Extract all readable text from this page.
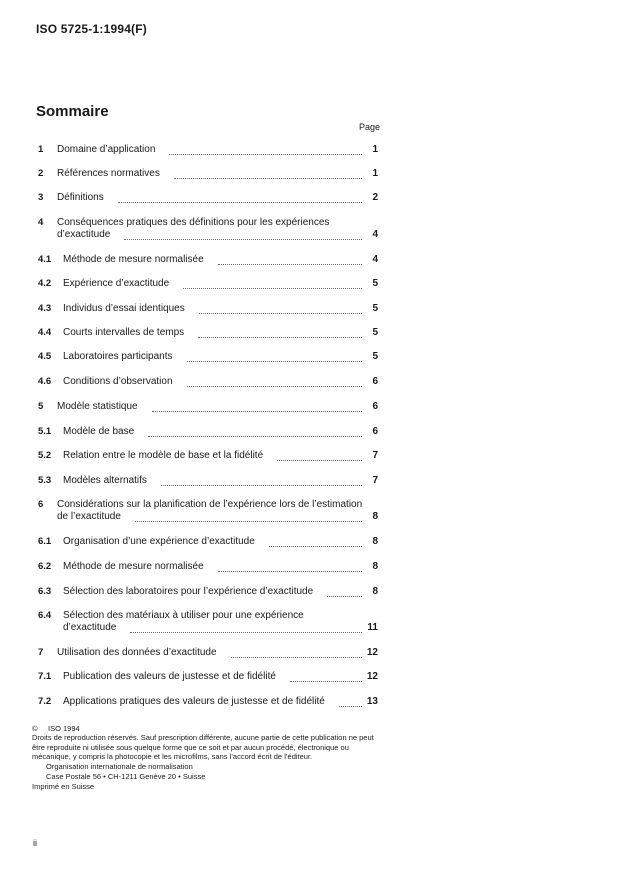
ISO 5725-1:1994(F)
Sommaire
Page
1 Domaine d’application	1
2 Références normatives	1
3 Définitions	2
4 Conséquences pratiques des définitions pour les expériences
d’exactitude	4
4.1 Méthode de mesure normalisée	4
4.2 Expérience d’exactitude	5
4.3 Individus d’essai identiques	5
4.4 Courts intervalles de temps	5
4.5 Laboratoires participants	5
4.6 Conditions d’observation	6
5 Modèle statistique	6
5.1 Modèle de base	6
5.2 Relation entre le modèle de base et la fidélité	7
5.3 Modèles alternatifs	7
6 Considérations sur la planification de l’expérience lors de l’estimation
de l’exactitude	8
6.1 Organisation d’une expérience d’exactitude	8
6.2 Méthode de mesure normalisée	8
6.3 Sélection des laboratoires pour l’expérience d’exactitude	8
6.4 Sélection des matériaux à utiliser pour une expérience
d’exactitude	11
7 Utilisation des données d’exactitude	12
7.1 Publication des valeurs de justesse et de fidélité	12
7.2 Applications pratiques des valeurs de justesse et de fidélité	13

© ISO 1994

Droits de reproduction réservés. Sauf prescription différente, aucune partie de cette publication ne peut être reproduite ni utilisée sous quelque forme que ce soit et par aucun procédé, électronique ou mécanique, y compris la photocopie et les microfilms, sans l’accord écrit de l’éditeur.

Organisation internationale de normalisation

Case Postale 56 • CH-1211 Genève 20 • Suisse

Imprimé en Suisse

ii
